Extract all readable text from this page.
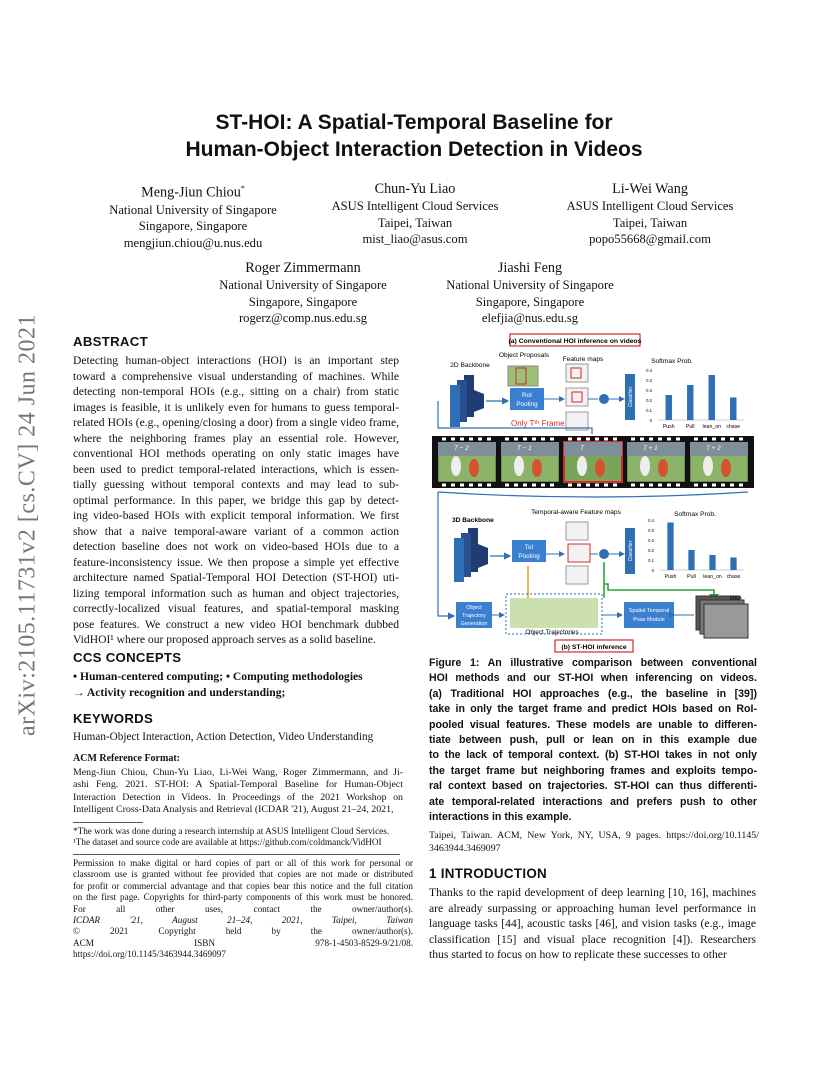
arXiv:2105.11731v2 [cs.CV] 24 Jun 2021
ST-HOI: A Spatial-Temporal Baseline for
Human-Object Interaction Detection in Videos
Meng-Jiun Chiou*
National University of Singapore
Singapore, Singapore
mengjiun.chiou@u.nus.edu
Chun-Yu Liao
ASUS Intelligent Cloud Services
Taipei, Taiwan
mist_liao@asus.com
Li-Wei Wang
ASUS Intelligent Cloud Services
Taipei, Taiwan
popo55668@gmail.com
Roger Zimmermann
National University of Singapore
Singapore, Singapore
rogerz@comp.nus.edu.sg
Jiashi Feng
National University of Singapore
Singapore, Singapore
elefjia@nus.edu.sg
ABSTRACT
Detecting human-object interactions (HOI) is an important step
toward a comprehensive visual understanding of machines. While
detecting non-temporal HOIs (e.g., sitting on a chair) from static
images is feasible, it is unlikely even for humans to guess temporal-
related HOIs (e.g., opening/closing a door) from a single video frame,
where the neighboring frames play an essential role. However,
conventional HOI methods operating on only static images have
been used to predict temporal-related interactions, which is essen-
tially guessing without temporal contexts and may lead to sub-
optimal performance. In this paper, we bridge this gap by detect-
ing video-based HOIs with explicit temporal information. We first
show that a naive temporal-aware variant of a common action
detection baseline does not work on video-based HOIs due to a
feature-inconsistency issue. We then propose a simple yet effective
architecture named Spatial-Temporal HOI Detection (ST-HOI) uti-
lizing temporal information such as human and object trajectories,
correctly-localized visual features, and spatial-temporal masking
pose features. We construct a new video HOI benchmark dubbed
VidHOI¹ where our proposed approach serves as a solid baseline.
CCS CONCEPTS
• Human-centered computing; • Computing methodologies
→ Activity recognition and understanding;
KEYWORDS
Human-Object Interaction, Action Detection, Video Understanding
ACM Reference Format:
Meng-Jiun Chiou, Chun-Yu Liao, Li-Wei Wang, Roger Zimmermann, and Ji-
ashi Feng. 2021. ST-HOI: A Spatial-Temporal Baseline for Human-Object
Interaction Detection in Videos. In Proceedings of the 2021 Workshop on
Intelligent Cross-Data Analysis and Retrieval (ICDAR '21), August 21–24, 2021,
*The work was done during a research internship at ASUS Intelligent Cloud Services.
¹The dataset and source code are available at https://github.com/coldmanck/VidHOI
Permission to make digital or hard copies of part or all of this work for personal or
classroom use is granted without fee provided that copies are not made or distributed
for profit or commercial advantage and that copies bear this notice and the full citation
on the first page. Copyrights for third-party components of this work must be honored.
For all other uses, contact the owner/author(s).
ICDAR '21, August 21–24, 2021, Taipei, Taiwan
© 2021 Copyright held by the owner/author(s).
ACM ISBN 978-1-4503-8529-9/21/08.
https://doi.org/10.1145/3463944.3469097
(a) Conventional HOI inference on videos
Object Proposals
Feature maps	Softmax Prob.
2D Backbone
RoI
Pooling	Classifier
Only Tᵗʰ Frame	Push Pull lean_on chase
0.4
0.3
0.3
0.2
0.1
0
T − 2	T − 1	T	T + 1	T + 2
3D Backbone
Temporal-aware Feature maps	Softmax Prob.
ToI
Pooling	Classifier
Push Pull lean_on chase
0.4
0.3
0.3
0.2
0.1
0
Object
Trajectory
Generation
Object Trajectories
Spatial-Temporal
Pose Module
MN×
(b) ST-HOI inference
Figure 1: An illustrative comparison between conventional
HOI methods and our ST-HOI when inferencing on videos.
(a) Traditional HOI approaches (e.g., the baseline in [39])
take in only the target frame and predict HOIs based on RoI-
pooled visual features. These models are unable to differen-
tiate between push, pull or lean on in this example due
to the lack of temporal context. (b) ST-HOI takes in not only
the target frame but neighboring frames and exploits tempo-
ral context based on trajectories. ST-HOI can thus differenti-
ate temporal-related interactions and prefers push to other
interactions in this example.
Taipei, Taiwan. ACM, New York, NY, USA, 9 pages. https://doi.org/10.1145/
3463944.3469097
1 INTRODUCTION
Thanks to the rapid development of deep learning [10, 16], machines
are already surpassing or approaching human level performance in
language tasks [44], acoustic tasks [46], and vision tasks (e.g., image
classification [15] and visual place recognition [4]). Researchers
thus started to focus on how to replicate these successes to other
